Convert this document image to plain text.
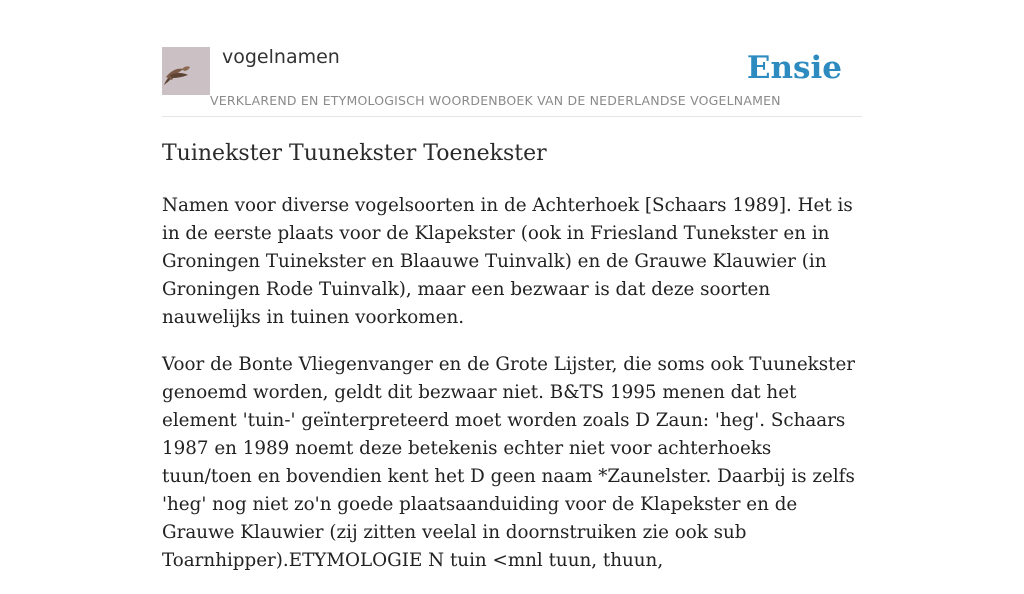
vogelnamen
VERKLAREND EN ETYMOLOGISCH WOORDENBOEK VAN DE NEDERLANDSE VOGELNAMEN
Ensie
Tuinekster Tuunekster Toenekster

Namen voor diverse vogelsoorten in de Achterhoek [Schaars 1989]. Het is in de eerste plaats voor de Klapekster (ook in Friesland Tunekster en in Groningen Tuinekster en Blaauwe Tuinvalk) en de Grauwe Klauwier (in Groningen Rode Tuinvalk), maar een bezwaar is dat deze soorten nauwelijks in tuinen voorkomen.

Voor de Bonte Vliegenvanger en de Grote Lijster, die soms ook Tuunekster genoemd worden, geldt dit bezwaar niet. B&TS 1995 menen dat het element 'tuin-' geïnterpreteerd moet worden zoals D Zaun: 'heg'. Schaars 1987 en 1989 noemt deze betekenis echter niet voor achterhoeks tuun/toen en bovendien kent het D geen naam *Zaunelster. Daarbij is zelfs 'heg' nog niet zo'n goede plaatsaanduiding voor de Klapekster en de Grauwe Klauwier (zij zitten veelal in doornstruiken zie ook sub Toarnhipper).ETYMOLOGIE N tuin <mnl tuun, thuun,
